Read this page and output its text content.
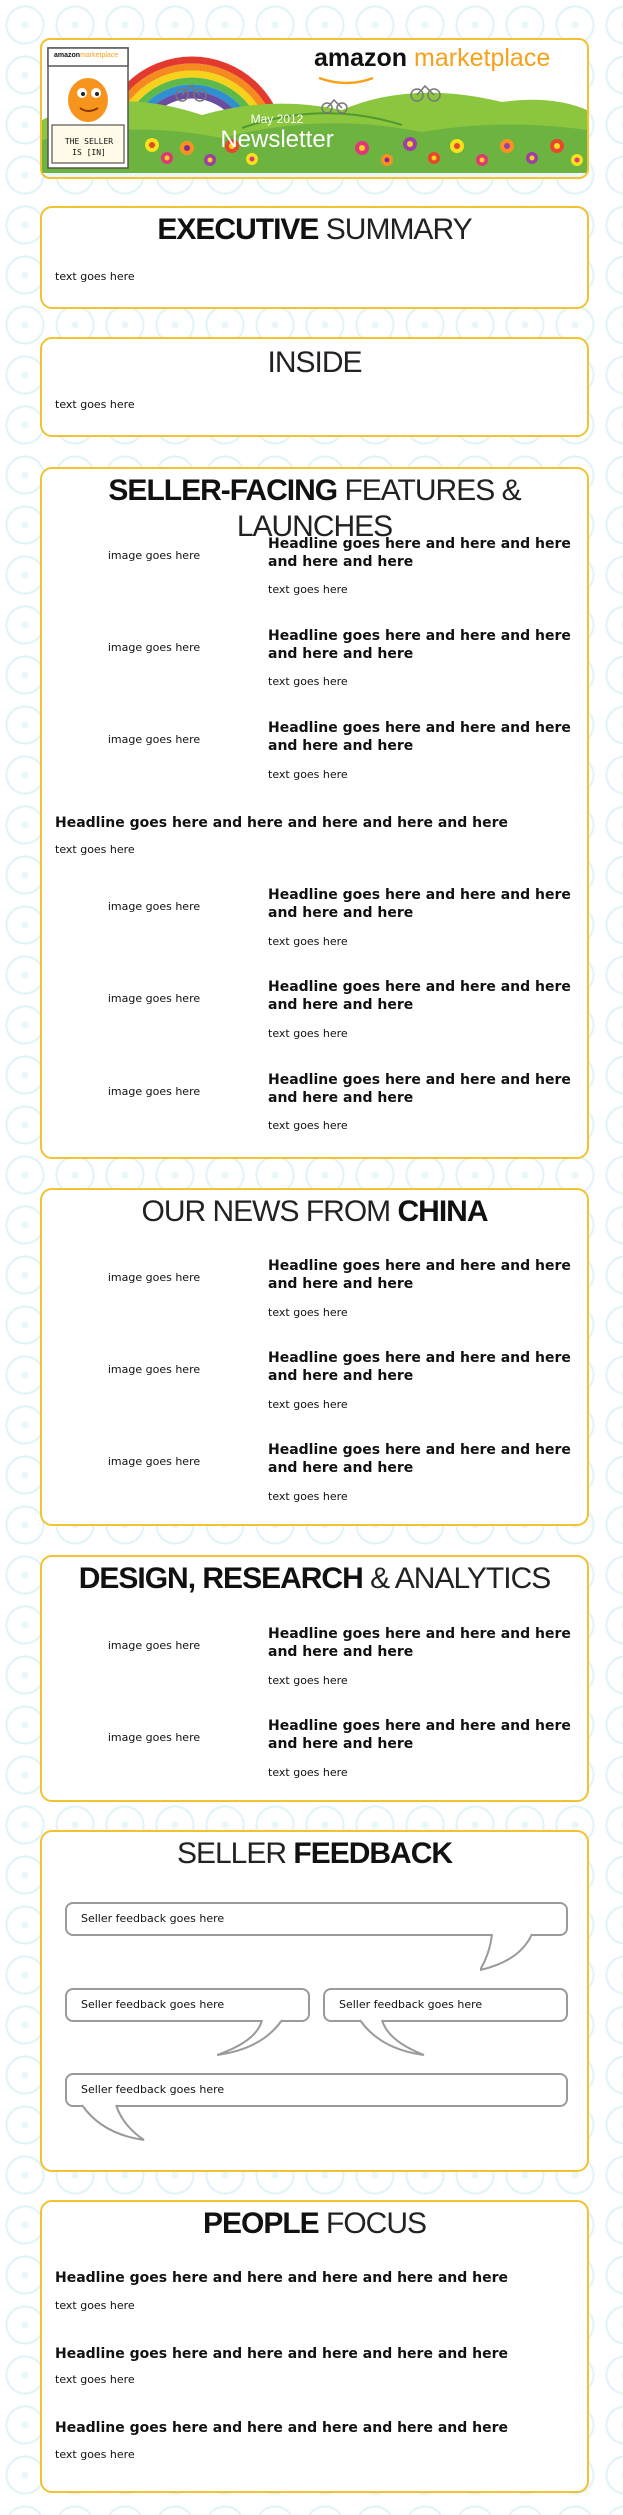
amazonmarketplace
THE SELLER IS [IN]
amazon marketplace
May 2012
Newsletter
EXECUTIVE SUMMARY
text goes here
INSIDE
text goes here
SELLER-FACING FEATURES & LAUNCHES
image goes here
Headline goes here and here and here and here and here
text goes here
image goes here
Headline goes here and here and here and here and here
text goes here
image goes here
Headline goes here and here and here and here and here
text goes here
Headline goes here and here and here and here and here
text goes here
image goes here
Headline goes here and here and here and here and here
text goes here
image goes here
Headline goes here and here and here and here and here
text goes here
image goes here
Headline goes here and here and here and here and here
text goes here
OUR NEWS FROM CHINA
image goes here
Headline goes here and here and here and here and here
text goes here
image goes here
Headline goes here and here and here and here and here
text goes here
image goes here
Headline goes here and here and here and here and here
text goes here
DESIGN, RESEARCH & ANALYTICS
image goes here
Headline goes here and here and here and here and here
text goes here
image goes here
Headline goes here and here and here and here and here
text goes here
SELLER FEEDBACK
Seller feedback goes here
Seller feedback goes here	Seller feedback goes here
Seller feedback goes here
PEOPLE FOCUS
Headline goes here and here and here and here and here
text goes here
Headline goes here and here and here and here and here
text goes here
Headline goes here and here and here and here and here
text goes here
